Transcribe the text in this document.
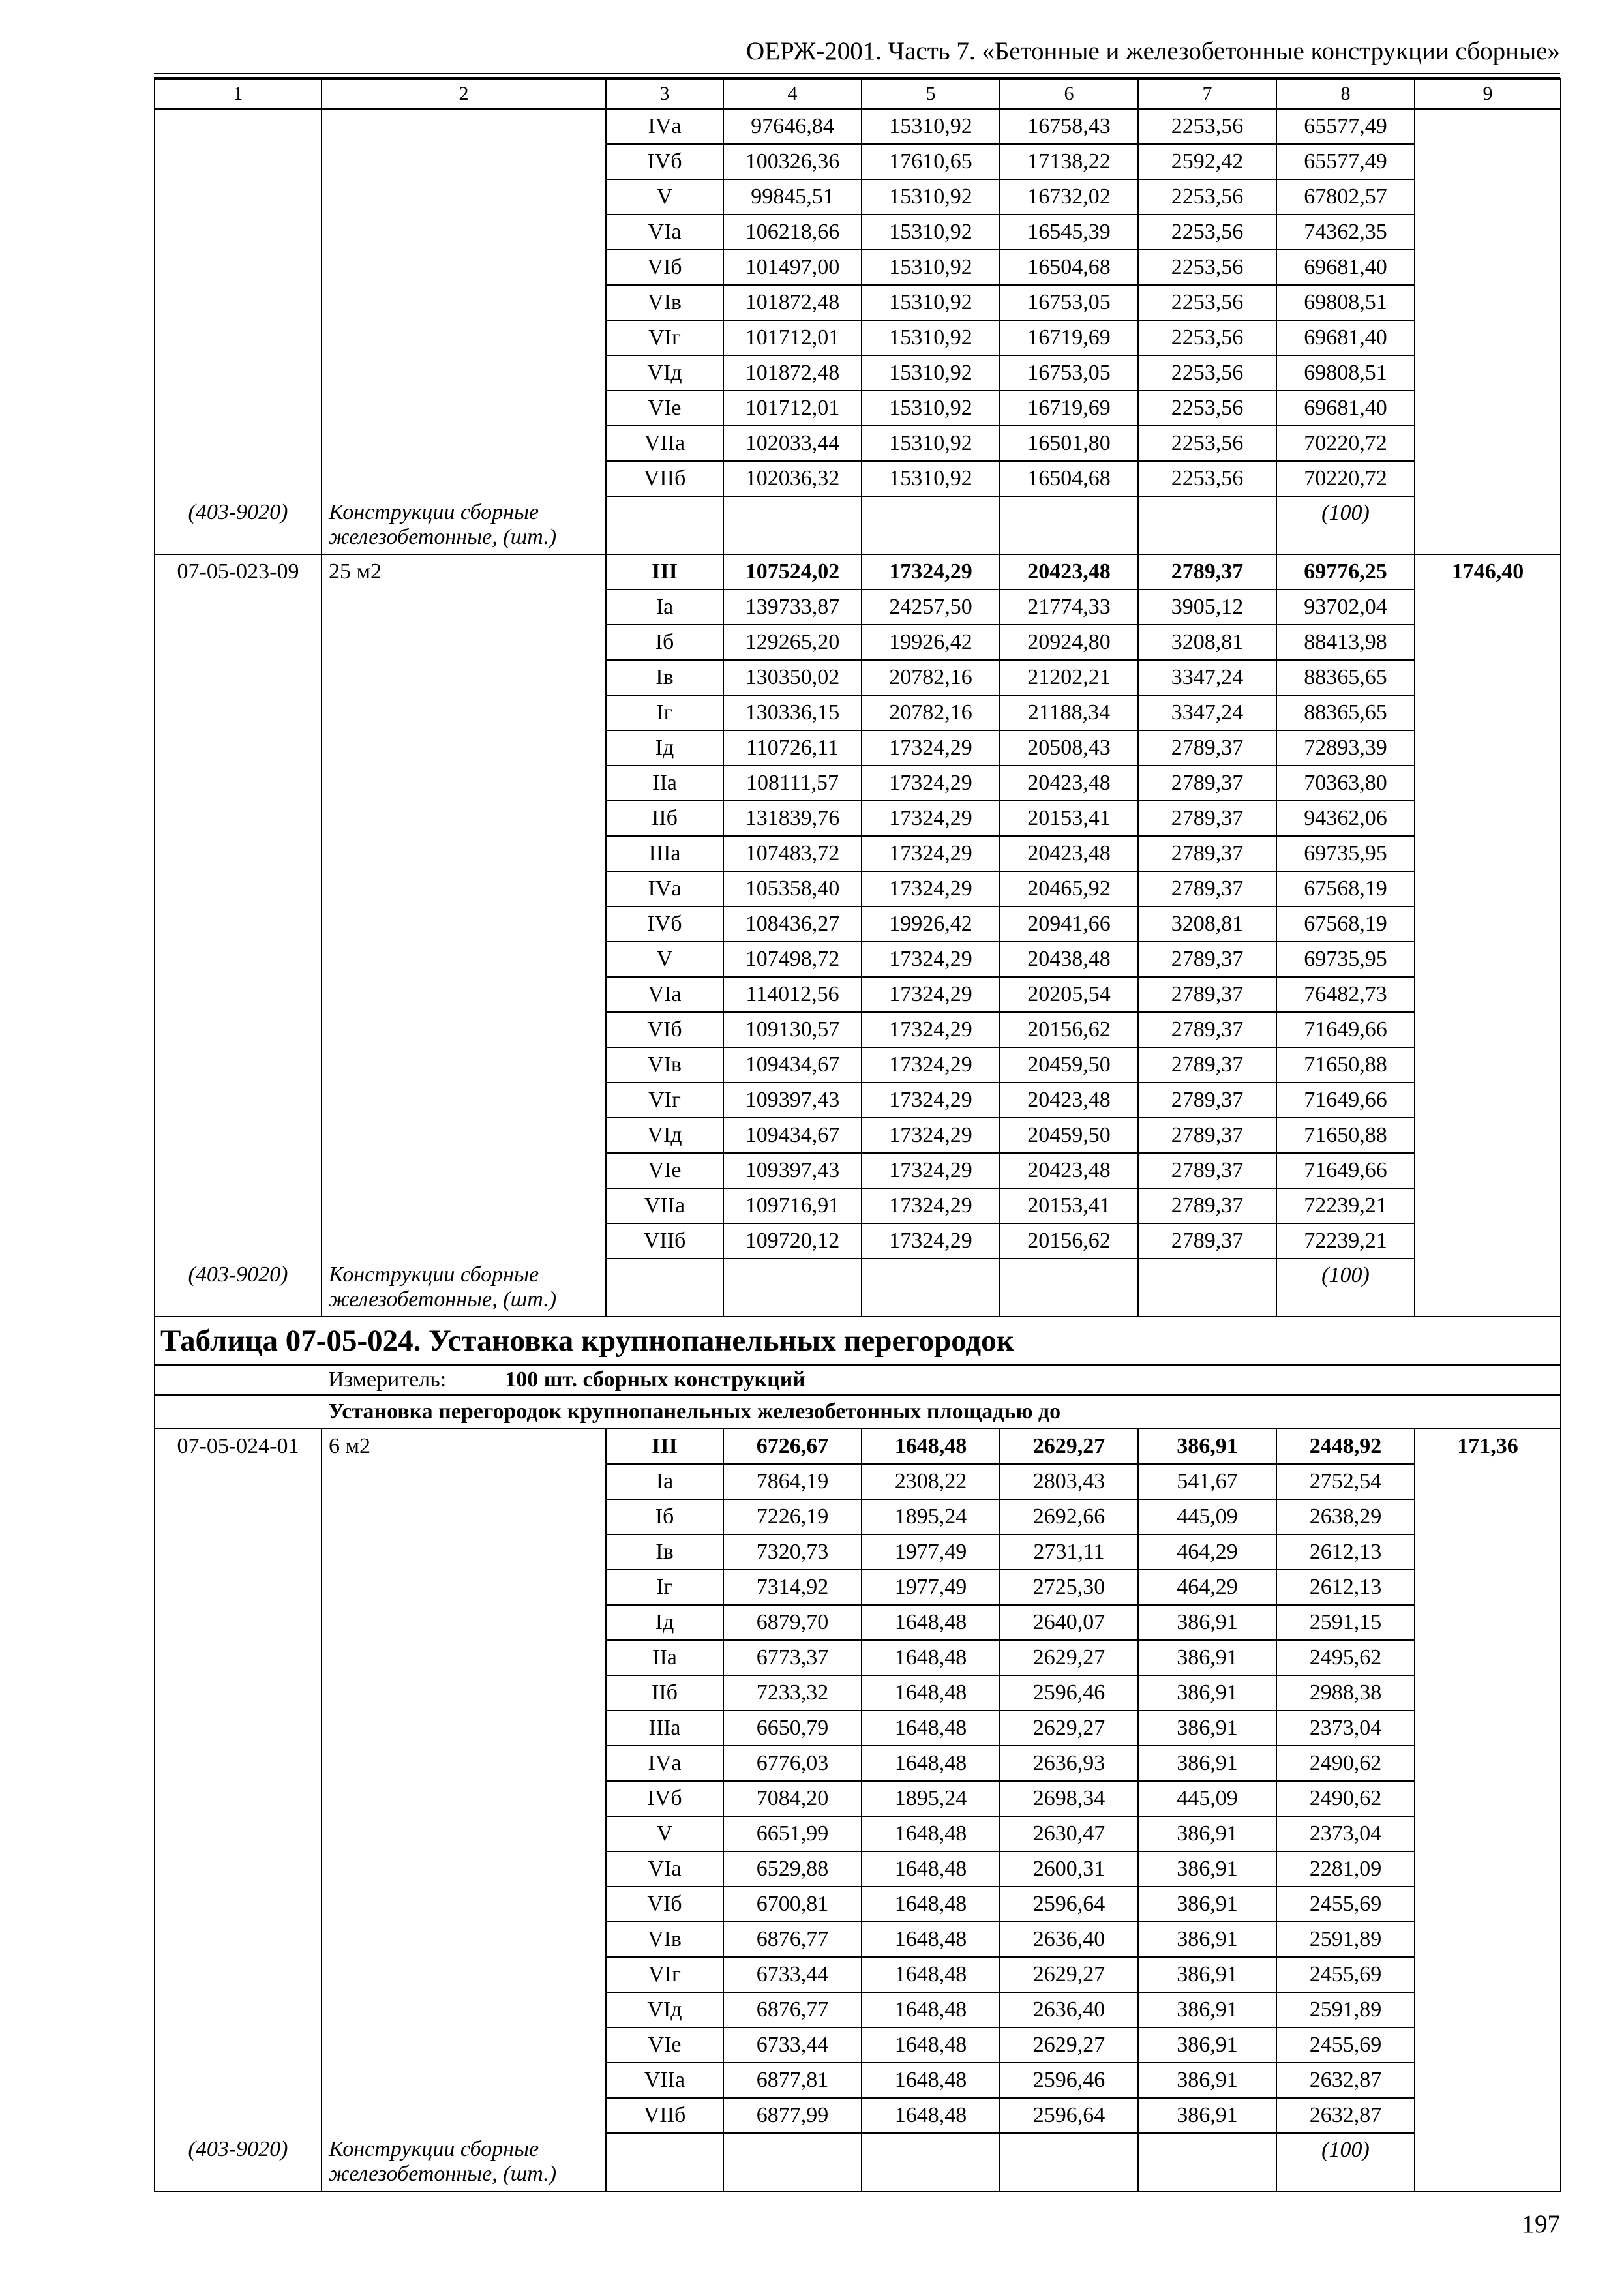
ОЕРЖ-2001. Часть 7. «Бетонные и железобетонные конструкции сборные»
1	2	3	4	5	6	7	8	9
		IVа	97646,84	15310,92	16758,43	2253,56	65577,49	
		IVб	100326,36	17610,65	17138,22	2592,42	65577,49	
		V	99845,51	15310,92	16732,02	2253,56	67802,57	
		VIа	106218,66	15310,92	16545,39	2253,56	74362,35	
		VIб	101497,00	15310,92	16504,68	2253,56	69681,40	
		VIв	101872,48	15310,92	16753,05	2253,56	69808,51	
		VIг	101712,01	15310,92	16719,69	2253,56	69681,40	
		VIд	101872,48	15310,92	16753,05	2253,56	69808,51	
		VIе	101712,01	15310,92	16719,69	2253,56	69681,40	
		VIIа	102033,44	15310,92	16501,80	2253,56	70220,72	
		VIIб	102036,32	15310,92	16504,68	2253,56	70220,72	
(403-9020)	Конструкции сборные железобетонные, (шт.)						(100)	
07-05-023-09	25 м2	III	107524,02	17324,29	20423,48	2789,37	69776,25	1746,40
		Iа	139733,87	24257,50	21774,33	3905,12	93702,04	
		Iб	129265,20	19926,42	20924,80	3208,81	88413,98	
		Iв	130350,02	20782,16	21202,21	3347,24	88365,65	
		Iг	130336,15	20782,16	21188,34	3347,24	88365,65	
		Iд	110726,11	17324,29	20508,43	2789,37	72893,39	
		IIа	108111,57	17324,29	20423,48	2789,37	70363,80	
		IIб	131839,76	17324,29	20153,41	2789,37	94362,06	
		IIIа	107483,72	17324,29	20423,48	2789,37	69735,95	
		IVа	105358,40	17324,29	20465,92	2789,37	67568,19	
		IVб	108436,27	19926,42	20941,66	3208,81	67568,19	
		V	107498,72	17324,29	20438,48	2789,37	69735,95	
		VIа	114012,56	17324,29	20205,54	2789,37	76482,73	
		VIб	109130,57	17324,29	20156,62	2789,37	71649,66	
		VIв	109434,67	17324,29	20459,50	2789,37	71650,88	
		VIг	109397,43	17324,29	20423,48	2789,37	71649,66	
		VIд	109434,67	17324,29	20459,50	2789,37	71650,88	
		VIе	109397,43	17324,29	20423,48	2789,37	71649,66	
		VIIа	109716,91	17324,29	20153,41	2789,37	72239,21	
		VIIб	109720,12	17324,29	20156,62	2789,37	72239,21	
(403-9020)	Конструкции сборные железобетонные, (шт.)						(100)	
Таблица 07-05-024. Установка крупнопанельных перегородок								
	Измеритель: 100 шт. сборных конструкций							
	Установка перегородок крупнопанельных железобетонных площадью до							
07-05-024-01	6 м2	III	6726,67	1648,48	2629,27	386,91	2448,92	171,36
		Iа	7864,19	2308,22	2803,43	541,67	2752,54	
		Iб	7226,19	1895,24	2692,66	445,09	2638,29	
		Iв	7320,73	1977,49	2731,11	464,29	2612,13	
		Iг	7314,92	1977,49	2725,30	464,29	2612,13	
		Iд	6879,70	1648,48	2640,07	386,91	2591,15	
		IIа	6773,37	1648,48	2629,27	386,91	2495,62	
		IIб	7233,32	1648,48	2596,46	386,91	2988,38	
		IIIа	6650,79	1648,48	2629,27	386,91	2373,04	
		IVа	6776,03	1648,48	2636,93	386,91	2490,62	
		IVб	7084,20	1895,24	2698,34	445,09	2490,62	
		V	6651,99	1648,48	2630,47	386,91	2373,04	
		VIа	6529,88	1648,48	2600,31	386,91	2281,09	
		VIб	6700,81	1648,48	2596,64	386,91	2455,69	
		VIв	6876,77	1648,48	2636,40	386,91	2591,89	
		VIг	6733,44	1648,48	2629,27	386,91	2455,69	
		VIд	6876,77	1648,48	2636,40	386,91	2591,89	
		VIе	6733,44	1648,48	2629,27	386,91	2455,69	
		VIIа	6877,81	1648,48	2596,46	386,91	2632,87	
		VIIб	6877,99	1648,48	2596,64	386,91	2632,87	
(403-9020)	Конструкции сборные железобетонные, (шт.)						(100)	
197
